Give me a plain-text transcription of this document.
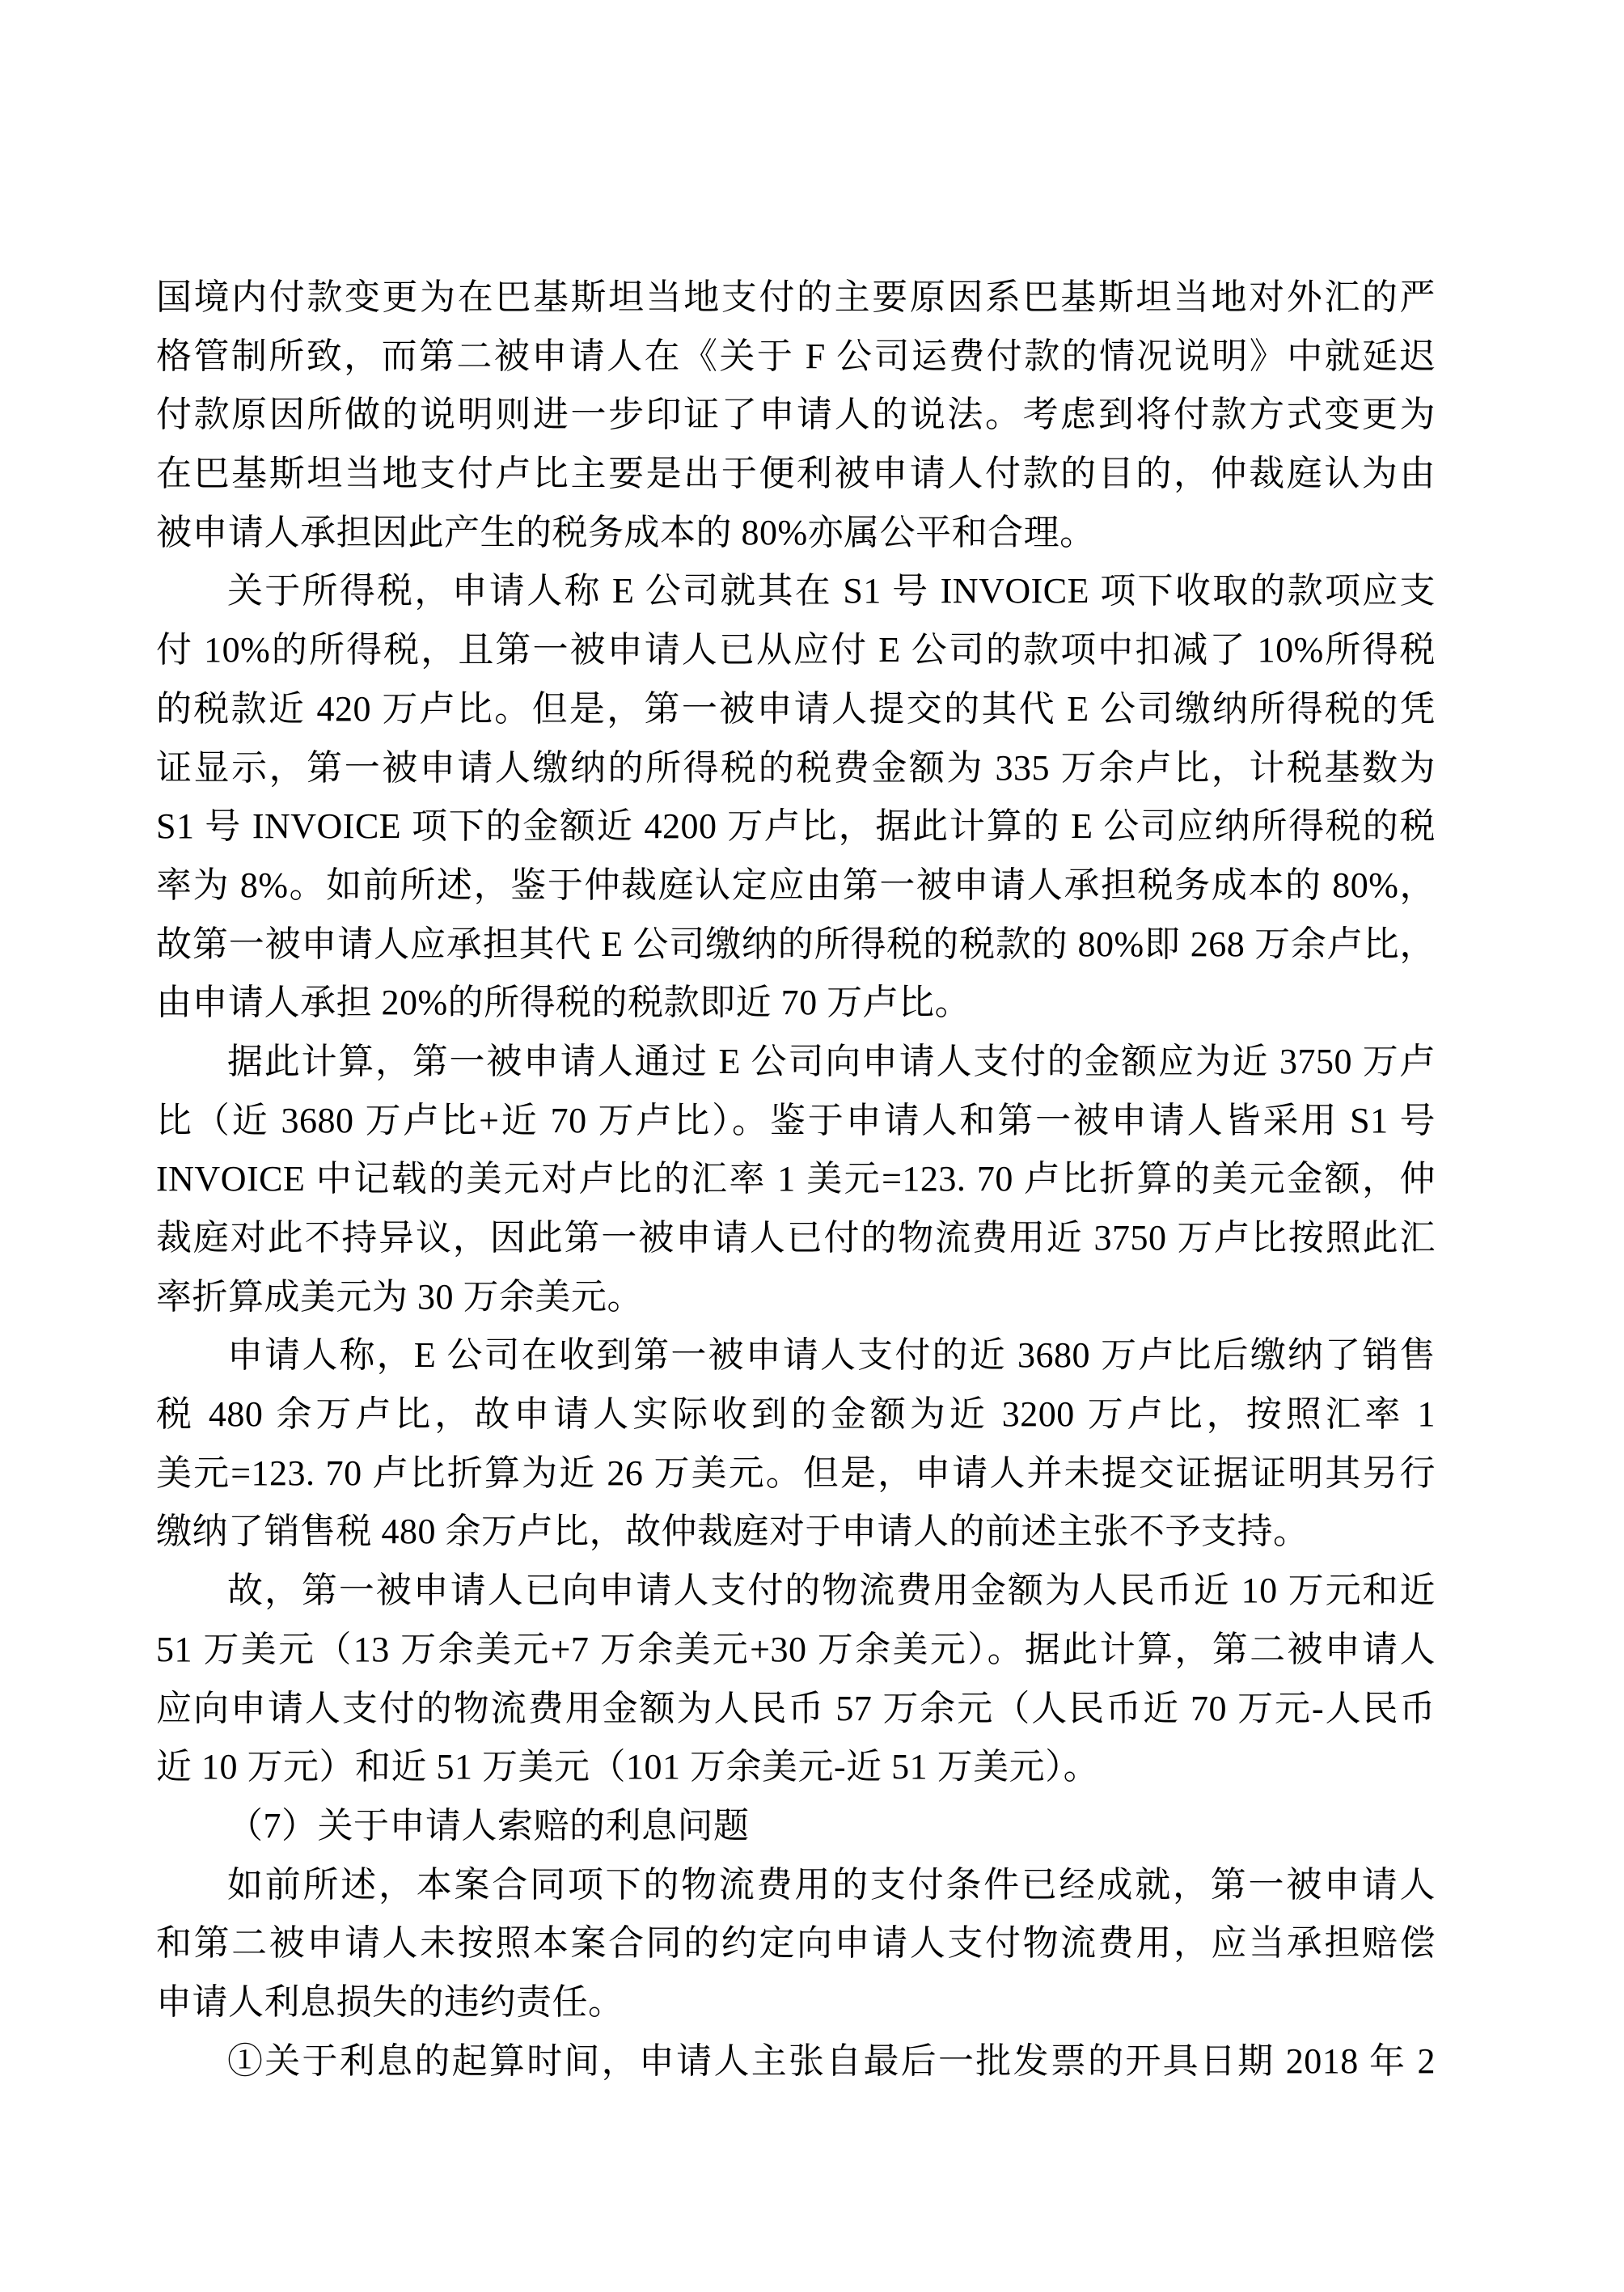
国境内付款变更为在巴基斯坦当地支付的主要原因系巴基斯坦当地对外汇的严
格管制所致，而第二被申请人在《关于 F 公司运费付款的情况说明》中就延迟
付款原因所做的说明则进一步印证了申请人的说法。考虑到将付款方式变更为
在巴基斯坦当地支付卢比主要是出于便利被申请人付款的目的，仲裁庭认为由
被申请人承担因此产生的税务成本的 80%亦属公平和合理。
关于所得税，申请人称 E 公司就其在 S1 号 INVOICE 项下收取的款项应支
付 10%的所得税，且第一被申请人已从应付 E 公司的款项中扣减了 10%所得税
的税款近 420 万卢比。但是，第一被申请人提交的其代 E 公司缴纳所得税的凭
证显示，第一被申请人缴纳的所得税的税费金额为 335 万余卢比，计税基数为
S1 号 INVOICE 项下的金额近 4200 万卢比，据此计算的 E 公司应纳所得税的税
率为 8%。如前所述，鉴于仲裁庭认定应由第一被申请人承担税务成本的 80%，
故第一被申请人应承担其代 E 公司缴纳的所得税的税款的 80%即 268 万余卢比，
由申请人承担 20%的所得税的税款即近 70 万卢比。
据此计算，第一被申请人通过 E 公司向申请人支付的金额应为近 3750 万卢
比（近 3680 万卢比+近 70 万卢比）。鉴于申请人和第一被申请人皆采用 S1 号
INVOICE 中记载的美元对卢比的汇率 1 美元=123. 70 卢比折算的美元金额，仲
裁庭对此不持异议，因此第一被申请人已付的物流费用近 3750 万卢比按照此汇
率折算成美元为 30 万余美元。
申请人称，E 公司在收到第一被申请人支付的近 3680 万卢比后缴纳了销售
税 480 余万卢比，故申请人实际收到的金额为近 3200 万卢比，按照汇率 1
美元=123. 70 卢比折算为近 26 万美元。但是，申请人并未提交证据证明其另行
缴纳了销售税 480 余万卢比，故仲裁庭对于申请人的前述主张不予支持。
故，第一被申请人已向申请人支付的物流费用金额为人民币近 10 万元和近
51 万美元（13 万余美元+7 万余美元+30 万余美元）。据此计算，第二被申请人
应向申请人支付的物流费用金额为人民币 57 万余元（人民币近 70 万元-人民币
近 10 万元）和近 51 万美元（101 万余美元-近 51 万美元）。
（7）关于申请人索赔的利息问题
如前所述，本案合同项下的物流费用的支付条件已经成就，第一被申请人
和第二被申请人未按照本案合同的约定向申请人支付物流费用，应当承担赔偿
申请人利息损失的违约责任。
①关于利息的起算时间，申请人主张自最后一批发票的开具日期 2018 年 2
